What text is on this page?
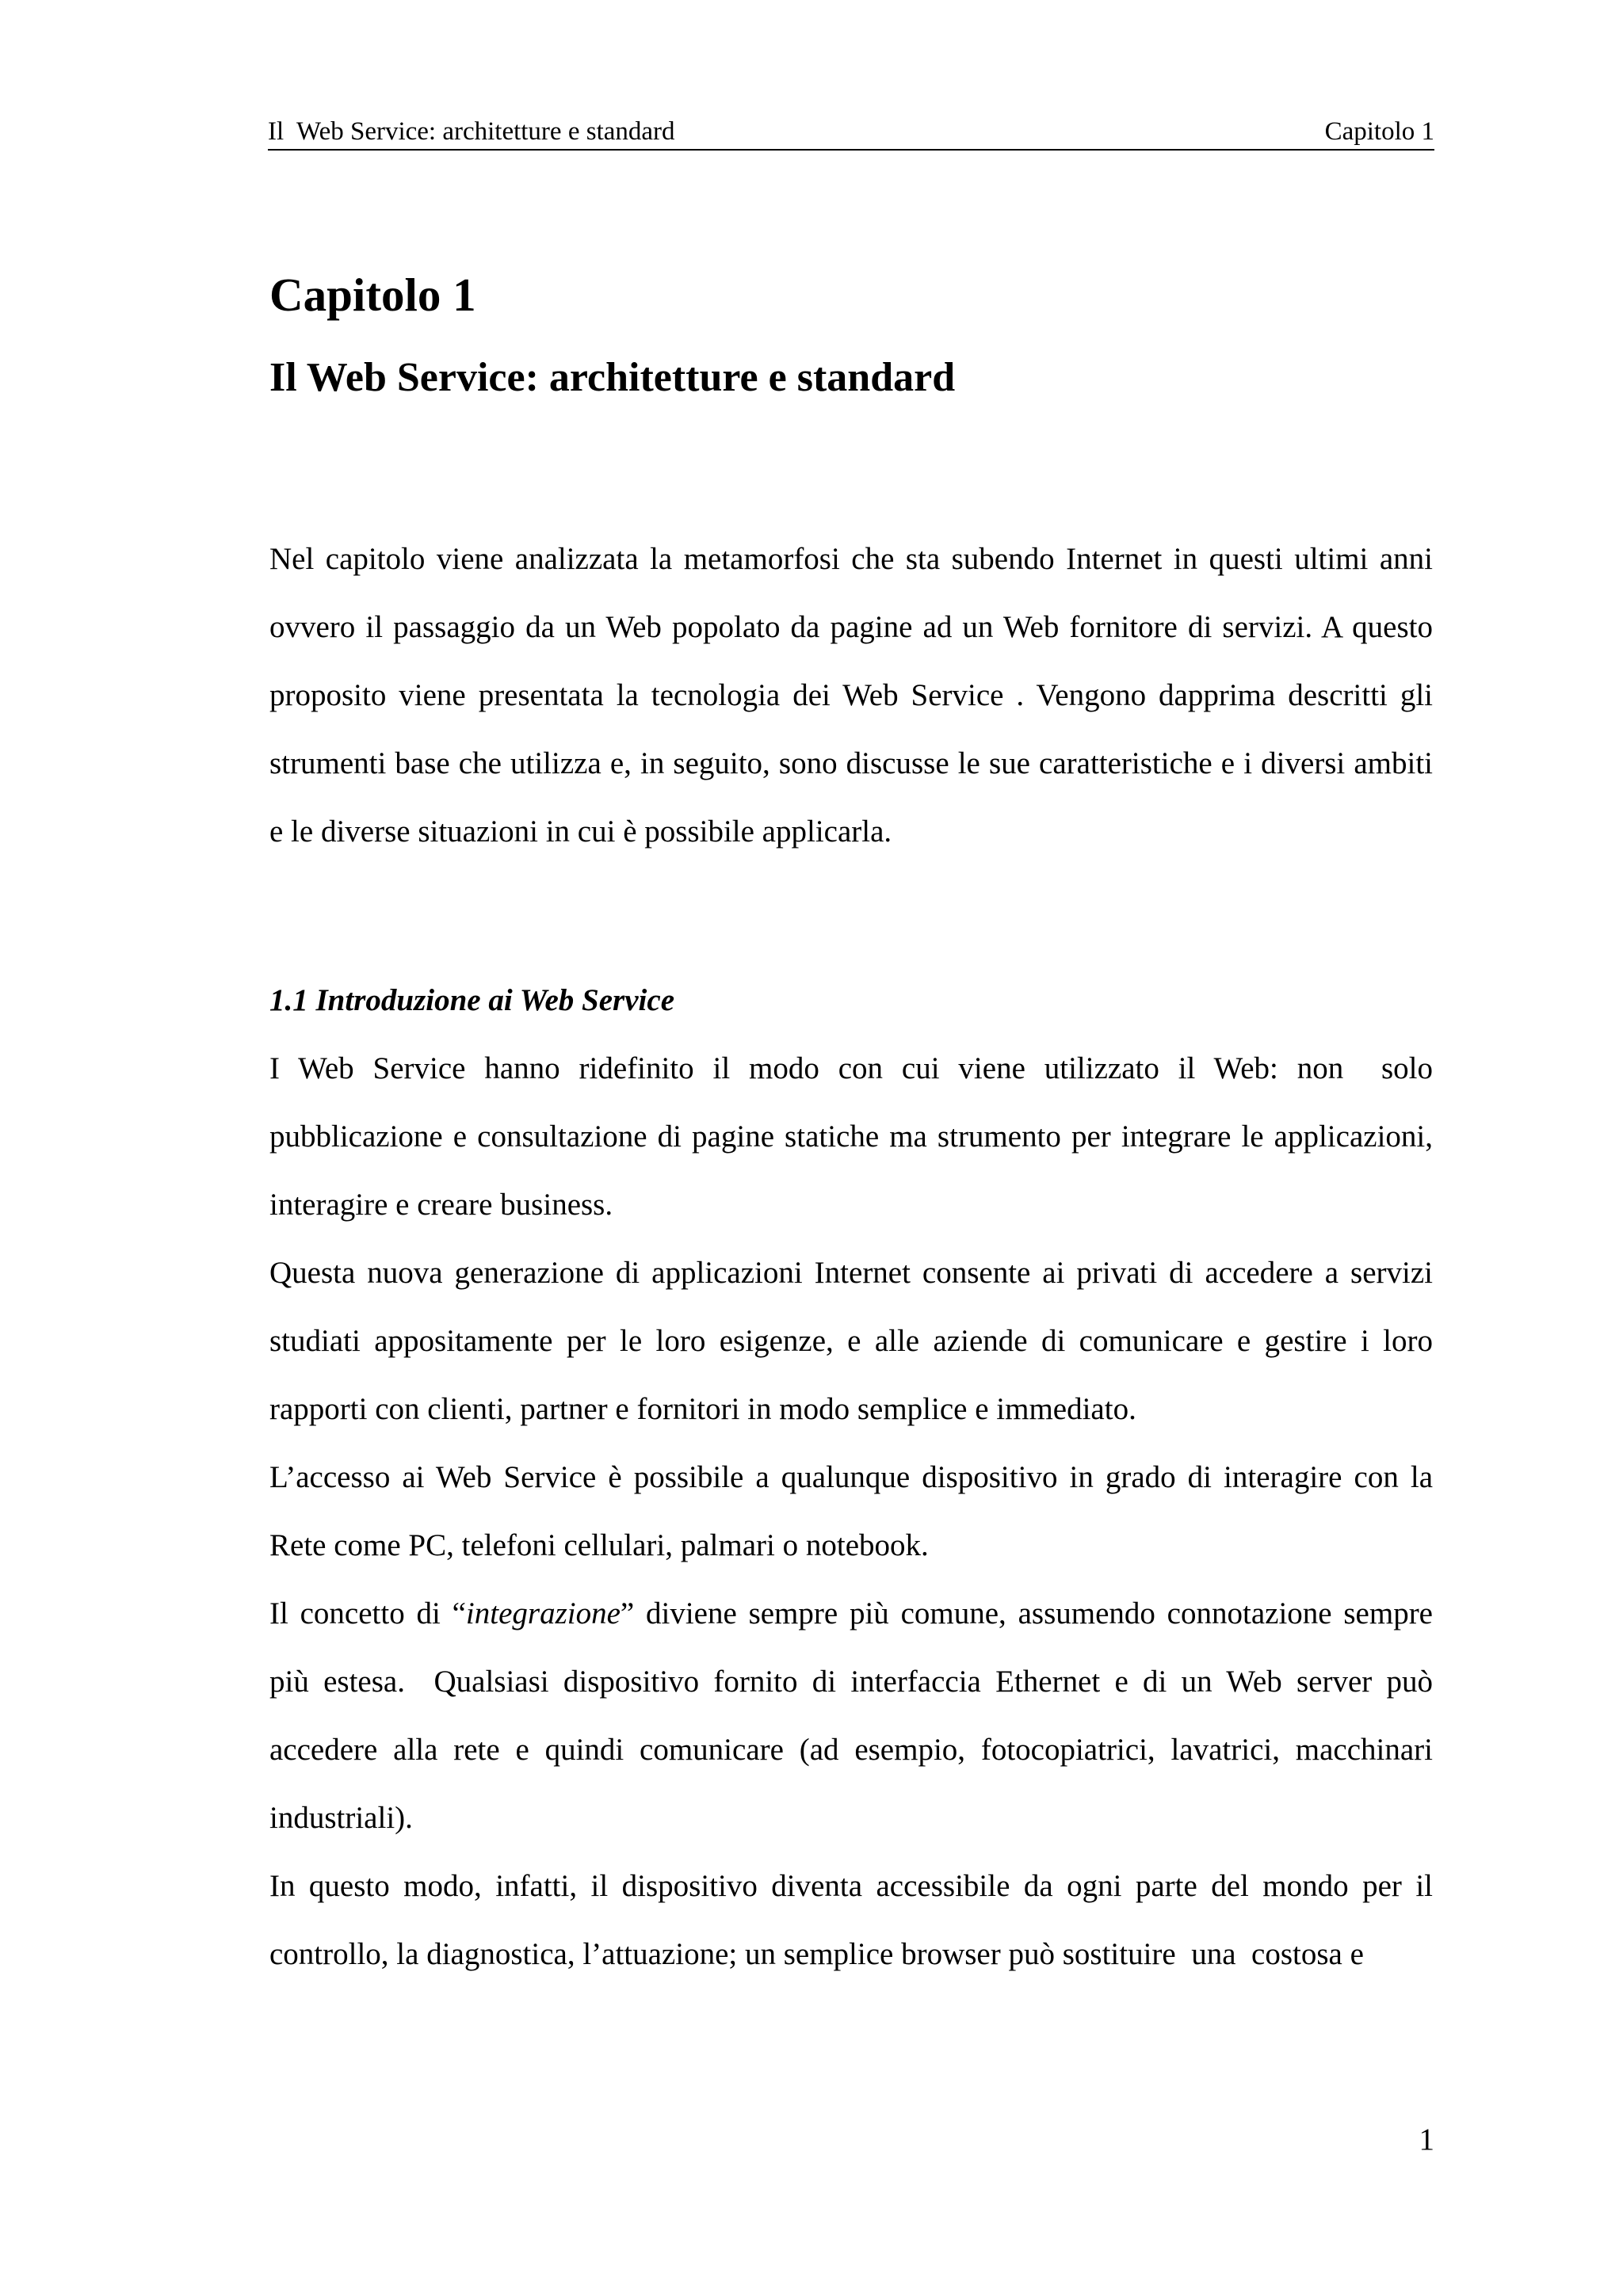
Il  Web Service: architetture e standard	Capitolo 1
Capitolo 1
Il Web Service: architetture e standard

Nel capitolo viene analizzata la metamorfosi che sta subendo Internet in questi ultimi anni ovvero il passaggio da un Web popolato da pagine ad un Web fornitore di servizi. A questo proposito viene presentata la tecnologia dei Web Service . Vengono dapprima descritti gli strumenti base che utilizza e, in seguito, sono discusse le sue caratteristiche e i diversi ambiti e le diverse situazioni in cui è possibile applicarla.

1.1 Introduzione ai Web Service

I Web Service hanno ridefinito il modo con cui viene utilizzato il Web: non  solo pubblicazione e consultazione di pagine statiche ma strumento per integrare le applicazioni, interagire e creare business.

Questa nuova generazione di applicazioni Internet consente ai privati di accedere a servizi studiati appositamente per le loro esigenze, e alle aziende di comunicare e gestire i loro rapporti con clienti, partner e fornitori in modo semplice e immediato.

L’accesso ai Web Service è possibile a qualunque dispositivo in grado di interagire con la Rete come PC, telefoni cellulari, palmari o notebook.

Il concetto di “integrazione” diviene sempre più comune, assumendo connotazione sempre più estesa.  Qualsiasi dispositivo fornito di interfaccia Ethernet e di un Web server può accedere alla rete e quindi comunicare (ad esempio, fotocopiatrici, lavatrici, macchinari industriali).

In questo modo, infatti, il dispositivo diventa accessibile da ogni parte del mondo per il controllo, la diagnostica, l’attuazione; un semplice browser può sostituire  una  costosa e

1
